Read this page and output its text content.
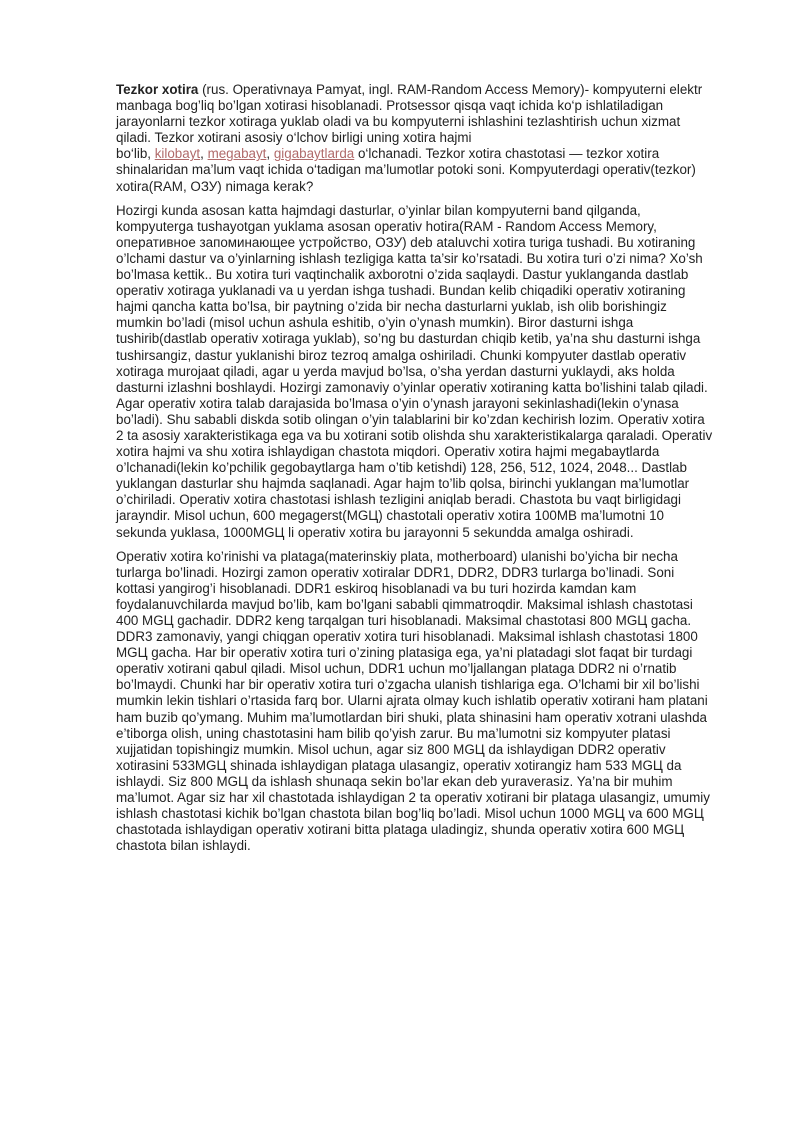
Tezkor xotira (rus. Operativnaya Pamyat, ingl. RAM-Random Access Memory)- kompyuterni elektr
manbaga bog’liq bo’lgan xotirasi hisoblanadi. Protsessor qisqa vaqt ichida ko‘p ishlatiladigan
jarayonlarni tezkor xotiraga yuklab oladi va bu kompyuterni ishlashini tezlashtirish uchun xizmat
qiladi. Tezkor xotirani asosiy o‘lchov birligi uning xotira hajmi
bo‘lib, kilobayt, megabayt, gigabaytlarda o‘lchanadi. Tezkor xotira chastotasi — tezkor xotira
shinalaridan ma’lum vaqt ichida o‘tadigan ma’lumotlar potoki soni. Kompyuterdagi operativ(tezkor)
xotira(RAM, ОЗУ) nimaga kerak?
Hozirgi kunda asosan katta hajmdagi dasturlar, o’yinlar bilan kompyuterni band qilganda,
kompyuterga tushayotgan yuklama asosan operativ hotira(RAM - Random Access Memory,
оперативное запоминающее устройство, ОЗУ) deb ataluvchi xotira turiga tushadi. Bu xotiraning
o’lchami dastur va o’yinlarning ishlash tezligiga katta ta’sir ko’rsatadi. Bu xotira turi o’zi nima? Xo’sh
bo’lmasa kettik.. Bu xotira turi vaqtinchalik axborotni o’zida saqlaydi. Dastur yuklanganda dastlab
operativ xotiraga yuklanadi va u yerdan ishga tushadi. Bundan kelib chiqadiki operativ xotiraning
hajmi qancha katta bo’lsa, bir paytning o’zida bir necha dasturlarni yuklab, ish olib borishingiz
mumkin bo’ladi (misol uchun ashula eshitib, o’yin o’ynash mumkin). Biror dasturni ishga
tushirib(dastlab operativ xotiraga yuklab), so’ng bu dasturdan chiqib ketib, ya’na shu dasturni ishga
tushirsangiz, dastur yuklanishi biroz tezroq amalga oshiriladi. Chunki kompyuter dastlab operativ
xotiraga murojaat qiladi, agar u yerda mavjud bo’lsa, o’sha yerdan dasturni yuklaydi, aks holda
dasturni izlashni boshlaydi. Hozirgi zamonaviy o’yinlar operativ xotiraning katta bo’lishini talab qiladi.
Agar operativ xotira talab darajasida bo’lmasa o’yin o’ynash jarayoni sekinlashadi(lekin o’ynasa
bo’ladi). Shu sababli diskda sotib olingan o’yin talablarini bir ko’zdan kechirish lozim. Operativ xotira
2 ta asosiy xarakteristikaga ega va bu xotirani sotib olishda shu xarakteristikalarga qaraladi. Operativ
xotira hajmi va shu xotira ishlaydigan chastota miqdori. Operativ xotira hajmi megabaytlarda
o’lchanadi(lekin ko’pchilik gegobaytlarga ham o’tib ketishdi) 128, 256, 512, 1024, 2048... Dastlab
yuklangan dasturlar shu hajmda saqlanadi. Agar hajm to’lib qolsa, birinchi yuklangan ma’lumotlar
o’chiriladi. Operativ xotira chastotasi ishlash tezligini aniqlab beradi. Chastota bu vaqt birligidagi
jarayndir. Misol uchun, 600 megagerst(MGЦ) chastotali operativ xotira 100MB ma’lumotni 10
sekunda yuklasa, 1000MGЦ li operativ xotira bu jarayonni 5 sekundda amalga oshiradi.
Operativ xotira ko’rinishi va plataga(materinskiy plata, motherboard) ulanishi bo’yicha bir necha
turlarga bo’linadi. Hozirgi zamon operativ xotiralar DDR1, DDR2, DDR3 turlarga bo’linadi. Soni
kottasi yangirog’i hisoblanadi. DDR1 eskiroq hisoblanadi va bu turi hozirda kamdan kam
foydalanuvchilarda mavjud bo’lib, kam bo’lgani sababli qimmatroqdir. Maksimal ishlash chastotasi
400 MGЦ gachadir. DDR2 keng tarqalgan turi hisoblanadi. Maksimal chastotasi 800 MGЦ gacha.
DDR3 zamonaviy, yangi chiqgan operativ xotira turi hisoblanadi. Maksimal ishlash chastotasi 1800
MGЦ gacha. Har bir operativ xotira turi o’zining platasiga ega, ya’ni platadagi slot faqat bir turdagi
operativ xotirani qabul qiladi. Misol uchun, DDR1 uchun mo’ljallangan plataga DDR2 ni o’rnatib
bo’lmaydi. Chunki har bir operativ xotira turi o’zgacha ulanish tishlariga ega. O’lchami bir xil bo’lishi
mumkin lekin tishlari o’rtasida farq bor. Ularni ajrata olmay kuch ishlatib operativ xotirani ham platani
ham buzib qo’ymang. Muhim ma’lumotlardan biri shuki, plata shinasini ham operativ xotrani ulashda
e’tiborga olish, uning chastotasini ham bilib qo’yish zarur. Bu ma’lumotni siz kompyuter platasi
xujjatidan topishingiz mumkin. Misol uchun, agar siz 800 MGЦ da ishlaydigan DDR2 operativ
xotirasini 533MGЦ shinada ishlaydigan plataga ulasangiz, operativ xotirangiz ham 533 MGЦ da
ishlaydi. Siz 800 MGЦ da ishlash shunaqa sekin bo’lar ekan deb yuraverasiz. Ya’na bir muhim
ma’lumot. Agar siz har xil chastotada ishlaydigan 2 ta operativ xotirani bir plataga ulasangiz, umumiy
ishlash chastotasi kichik bo’lgan chastota bilan bog’liq bo’ladi. Misol uchun 1000 MGЦ va 600 MGЦ
chastotada ishlaydigan operativ xotirani bitta plataga uladingiz, shunda operativ xotira 600 MGЦ
chastota bilan ishlaydi.
